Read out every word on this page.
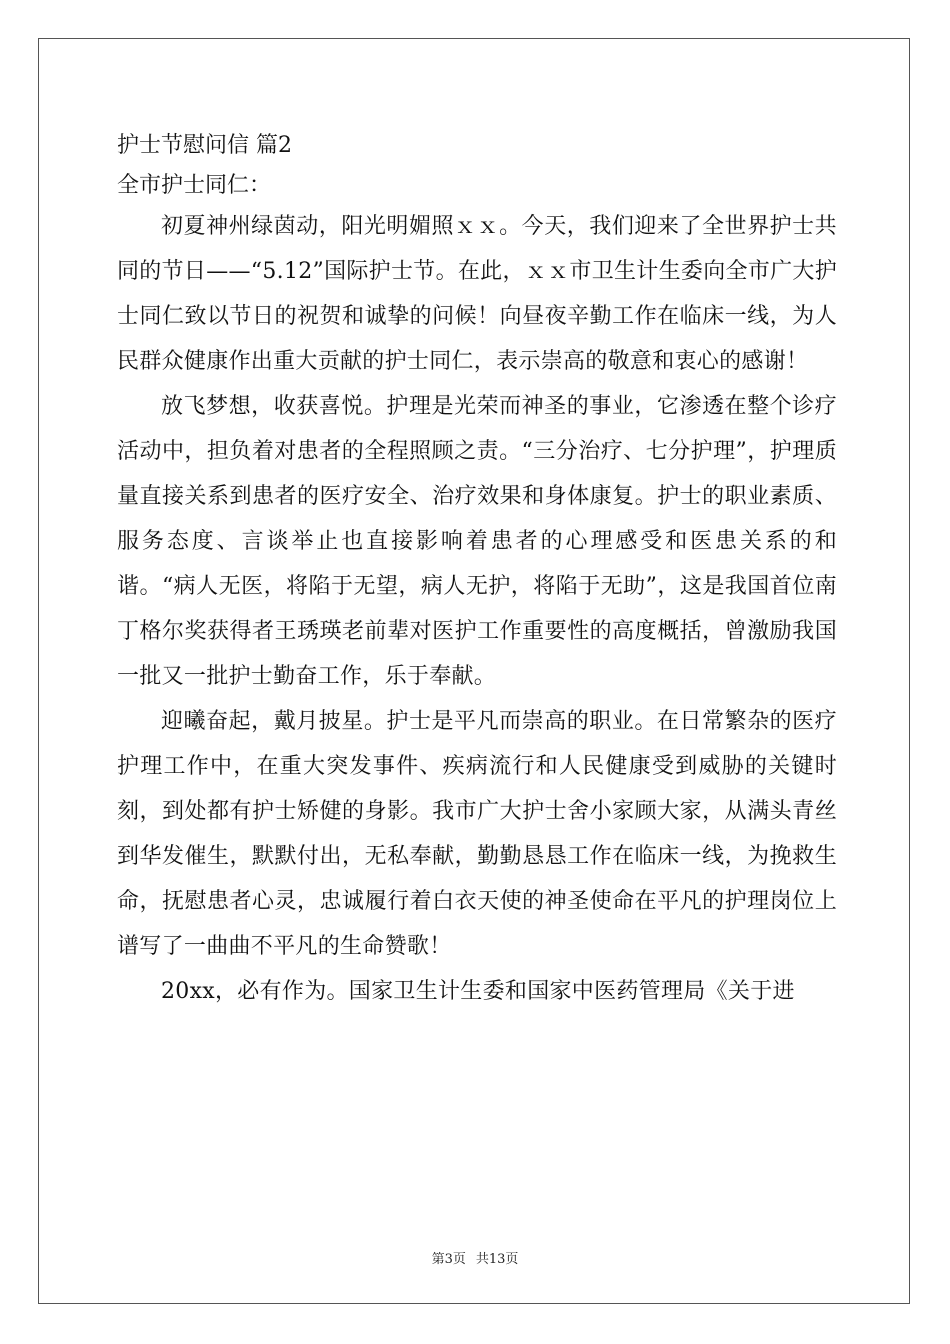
护士节慰问信 篇2
全市护士同仁：

初夏神州绿茵动，阳光明媚照ｘｘ。今天，我们迎来了全世界护士共同的节日——“5.12”国际护士节。在此，ｘｘ市卫生计生委向全市广大护士同仁致以节日的祝贺和诚挚的问候！向昼夜辛勤工作在临床一线，为人民群众健康作出重大贡献的护士同仁，表示崇高的敬意和衷心的感谢！

放飞梦想，收获喜悦。护理是光荣而神圣的事业，它渗透在整个诊疗活动中，担负着对患者的全程照顾之责。“三分治疗、七分护理”，护理质量直接关系到患者的医疗安全、治疗效果和身体康复。护士的职业素质、服务态度、言谈举止也直接影响着患者的心理感受和医患关系的和谐。“病人无医，将陷于无望，病人无护，将陷于无助”，这是我国首位南丁格尔奖获得者王琇瑛老前辈对医护工作重要性的高度概括，曾激励我国一批又一批护士勤奋工作，乐于奉献。

迎曦奋起，戴月披星。护士是平凡而崇高的职业。在日常繁杂的医疗护理工作中，在重大突发事件、疾病流行和人民健康受到威胁的关键时刻，到处都有护士矫健的身影。我市广大护士舍小家顾大家，从满头青丝到华发催生，默默付出，无私奉献，勤勤恳恳工作在临床一线，为挽救生命，抚慰患者心灵，忠诚履行着白衣天使的神圣使命在平凡的护理岗位上谱写了一曲曲不平凡的生命赞歌！

20xx，必有作为。国家卫生计生委和国家中医药管理局《关于进

第3页 共13页
